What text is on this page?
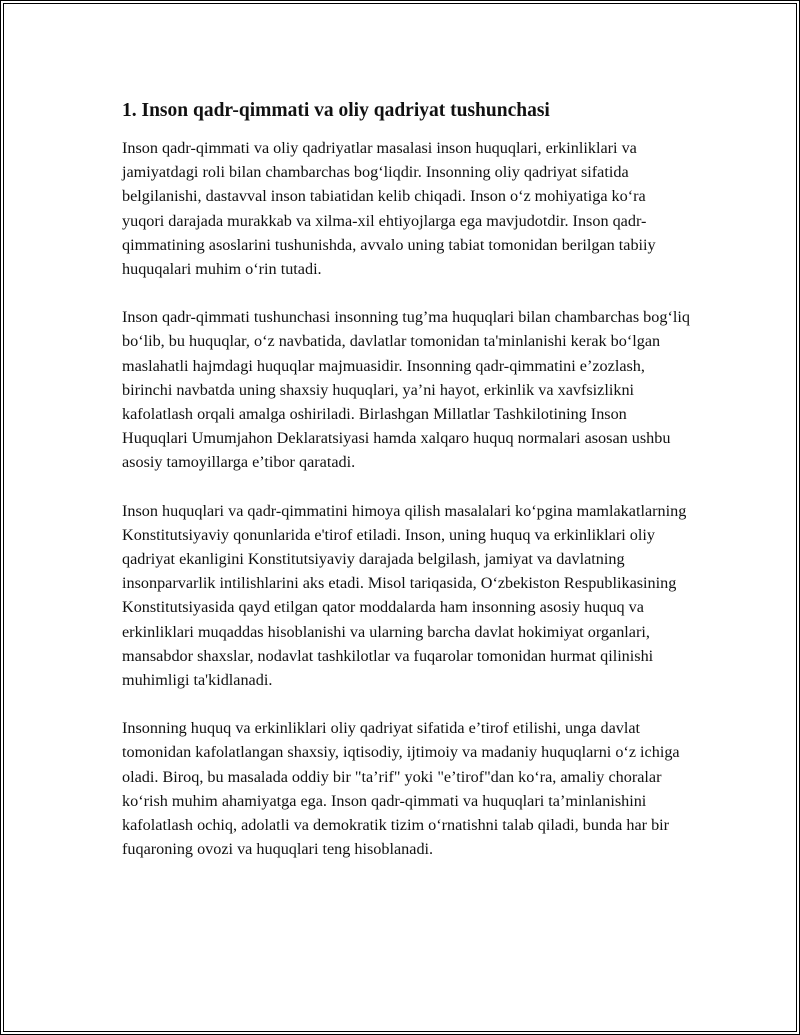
1. Inson qadr-qimmati va oliy qadriyat tushunchasi

Inson qadr-qimmati va oliy qadriyatlar masalasi inson huquqlari, erkinliklari va jamiyatdagi roli bilan chambarchas bog‘liqdir. Insonning oliy qadriyat sifatida belgilanishi, dastavval inson tabiatidan kelib chiqadi. Inson o‘z mohiyatiga ko‘ra yuqori darajada murakkab va xilma-xil ehtiyojlarga ega mavjudotdir. Inson qadr-qimmatining asoslarini tushunishda, avvalo uning tabiat tomonidan berilgan tabiiy huquqalari muhim o‘rin tutadi.

Inson qadr-qimmati tushunchasi insonning tug’ma huquqlari bilan chambarchas bog‘liq bo‘lib, bu huquqlar, o‘z navbatida, davlatlar tomonidan ta'minlanishi kerak bo‘lgan maslahatli hajmdagi huquqlar majmuasidir. Insonning qadr-qimmatini e’zozlash, birinchi navbatda uning shaxsiy huquqlari, ya’ni hayot, erkinlik va xavfsizlikni kafolatlash orqali amalga oshiriladi. Birlashgan Millatlar Tashkilotining Inson Huquqlari Umumjahon Deklaratsiyasi hamda xalqaro huquq normalari asosan ushbu asosiy tamoyillarga e’tibor qaratadi.

Inson huquqlari va qadr-qimmatini himoya qilish masalalari ko‘pgina mamlakatlarning Konstitutsiyaviy qonunlarida e'tirof etiladi. Inson, uning huquq va erkinliklari oliy qadriyat ekanligini Konstitutsiyaviy darajada belgilash, jamiyat va davlatning insonparvarlik intilishlarini aks etadi. Misol tariqasida, O‘zbekiston Respublikasining Konstitutsiyasida qayd etilgan qator moddalarda ham insonning asosiy huquq va erkinliklari muqaddas hisoblanishi va ularning barcha davlat hokimiyat organlari, mansabdor shaxslar, nodavlat tashkilotlar va fuqarolar tomonidan hurmat qilinishi muhimligi ta'kidlanadi.

Insonning huquq va erkinliklari oliy qadriyat sifatida e’tirof etilishi, unga davlat tomonidan kafolatlangan shaxsiy, iqtisodiy, ijtimoiy va madaniy huquqlarni o‘z ichiga oladi. Biroq, bu masalada oddiy bir "ta’rif" yoki "e’tirof"dan ko‘ra, amaliy choralar ko‘rish muhim ahamiyatga ega. Inson qadr-qimmati va huquqlari ta’minlanishini kafolatlash ochiq, adolatli va demokratik tizim o‘rnatishni talab qiladi, bunda har bir fuqaroning ovozi va huquqlari teng hisoblanadi.
